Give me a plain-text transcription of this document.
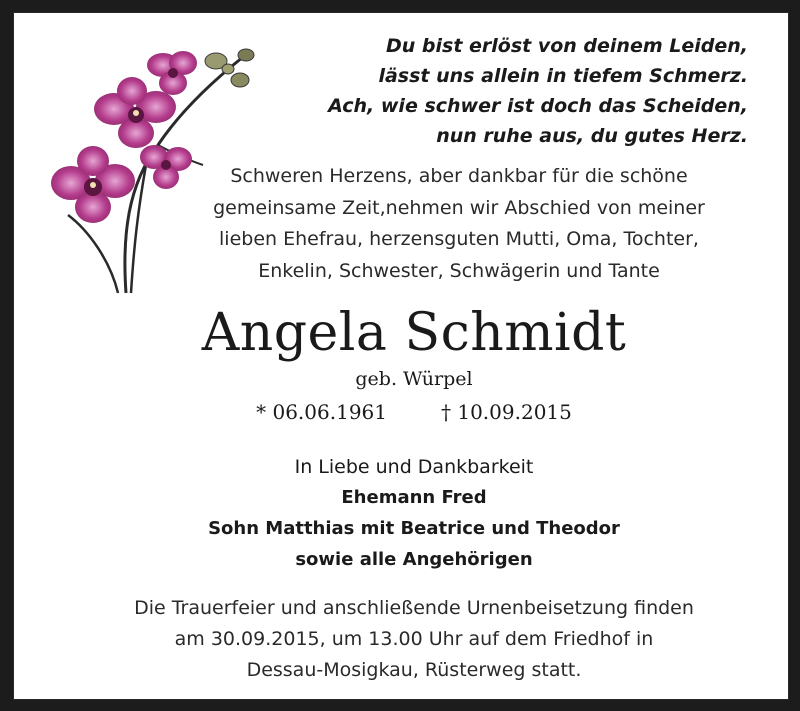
Du bist erlöst von deinem Leiden,
lässt uns allein in tiefem Schmerz.
Ach, wie schwer ist doch das Scheiden,
nun ruhe aus, du gutes Herz.
Schweren Herzens, aber dankbar für die schöne
gemeinsame Zeit,nehmen wir Abschied von meiner
lieben Ehefrau, herzensguten Mutti, Oma, Tochter,
Enkelin, Schwester, Schwägerin und Tante
Angela Schmidt
geb. Würpel
* 06.06.1961	† 10.09.2015
In Liebe und Dankbarkeit
Ehemann Fred
Sohn Matthias mit Beatrice und Theodor
sowie alle Angehörigen
Die Trauerfeier und anschließende Urnenbeisetzung finden
am 30.09.2015, um 13.00 Uhr auf dem Friedhof in
Dessau-Mosigkau, Rüsterweg statt.
